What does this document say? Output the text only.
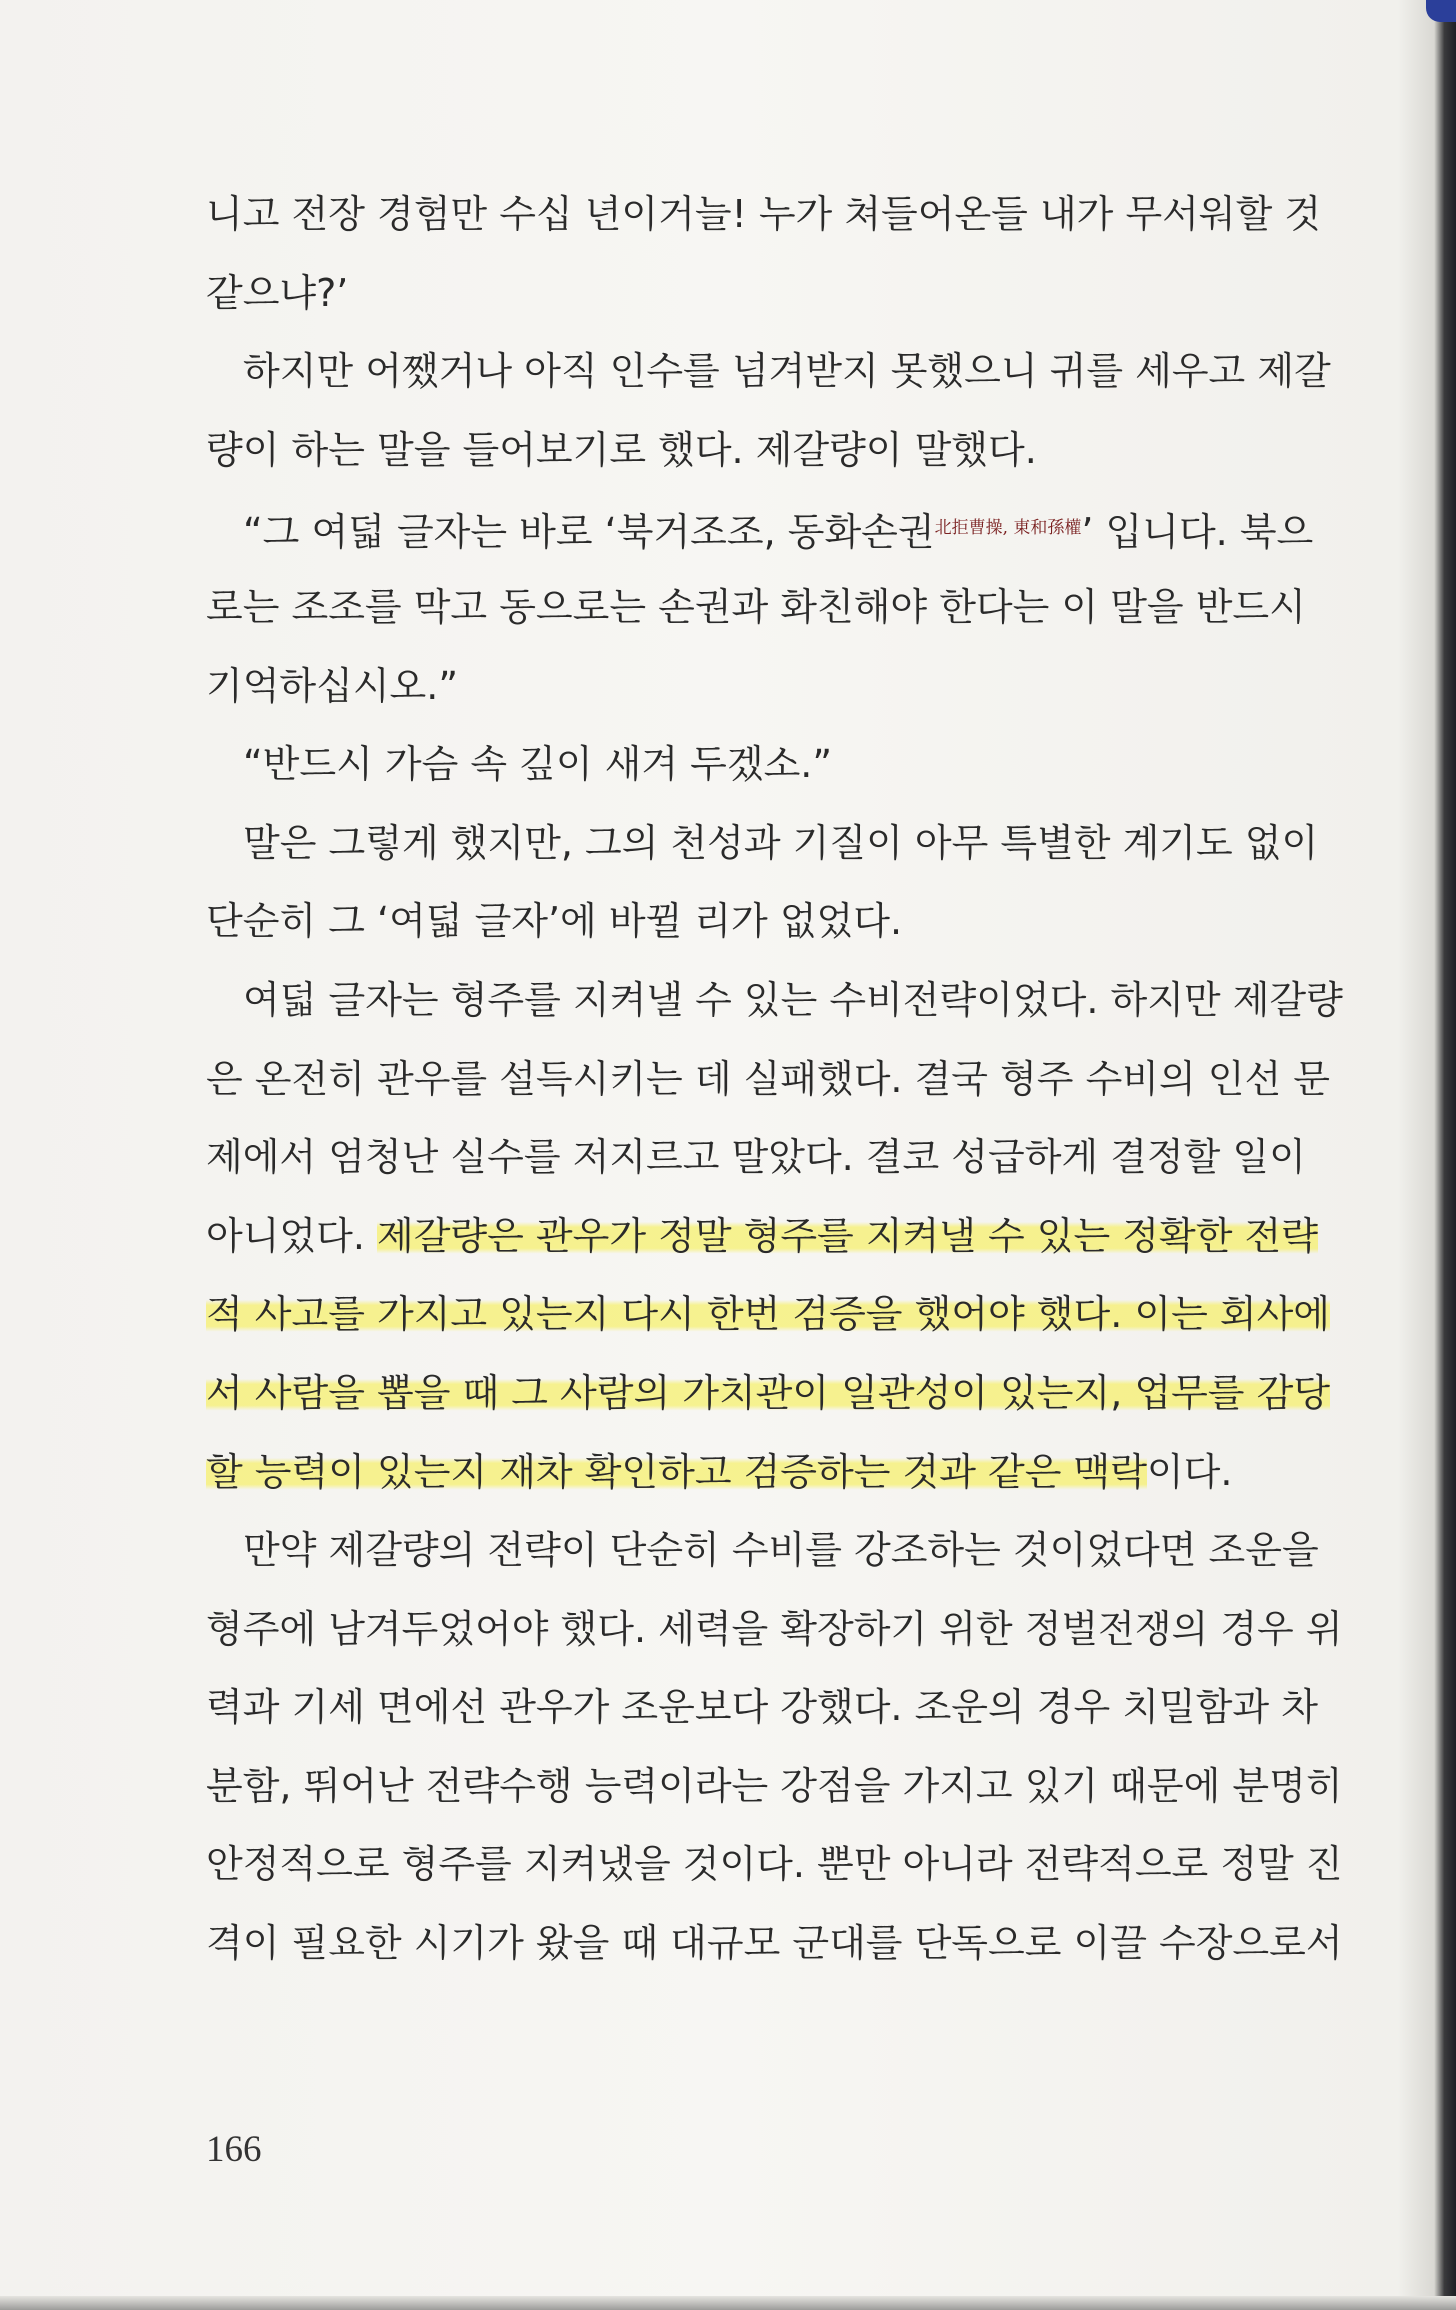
니고 전장 경험만 수십 년이거늘! 누가 쳐들어온들 내가 무서워할 것
같으냐?’
하지만 어쨌거나 아직 인수를 넘겨받지 못했으니 귀를 세우고 제갈
량이 하는 말을 들어보기로 했다. 제갈량이 말했다.
“그 여덟 글자는 바로 ‘북거조조, 동화손권$^{北拒曹操, 東和孫權}$’ 입니다. 북으
로는 조조를 막고 동으로는 손권과 화친해야 한다는 이 말을 반드시
기억하십시오.”
“반드시 가슴 속 깊이 새겨 두겠소.”
말은 그렇게 했지만, 그의 천성과 기질이 아무 특별한 계기도 없이
단순히 그 ‘여덟 글자’에 바뀔 리가 없었다.
여덟 글자는 형주를 지켜낼 수 있는 수비전략이었다. 하지만 제갈량
은 온전히 관우를 설득시키는 데 실패했다. 결국 형주 수비의 인선 문
제에서 엄청난 실수를 저지르고 말았다. 결코 성급하게 결정할 일이
아니었다. 제갈량은 관우가 정말 형주를 지켜낼 수 있는 정확한 전략
적 사고를 가지고 있는지 다시 한번 검증을 했어야 했다. 이는 회사에
서 사람을 뽑을 때 그 사람의 가치관이 일관성이 있는지, 업무를 감당
할 능력이 있는지 재차 확인하고 검증하는 것과 같은 맥락이다.
만약 제갈량의 전략이 단순히 수비를 강조하는 것이었다면 조운을
형주에 남겨두었어야 했다. 세력을 확장하기 위한 정벌전쟁의 경우 위
력과 기세 면에선 관우가 조운보다 강했다. 조운의 경우 치밀함과 차
분함, 뛰어난 전략수행 능력이라는 강점을 가지고 있기 때문에 분명히
안정적으로 형주를 지켜냈을 것이다. 뿐만 아니라 전략적으로 정말 진
격이 필요한 시기가 왔을 때 대규모 군대를 단독으로 이끌 수장으로서
166
